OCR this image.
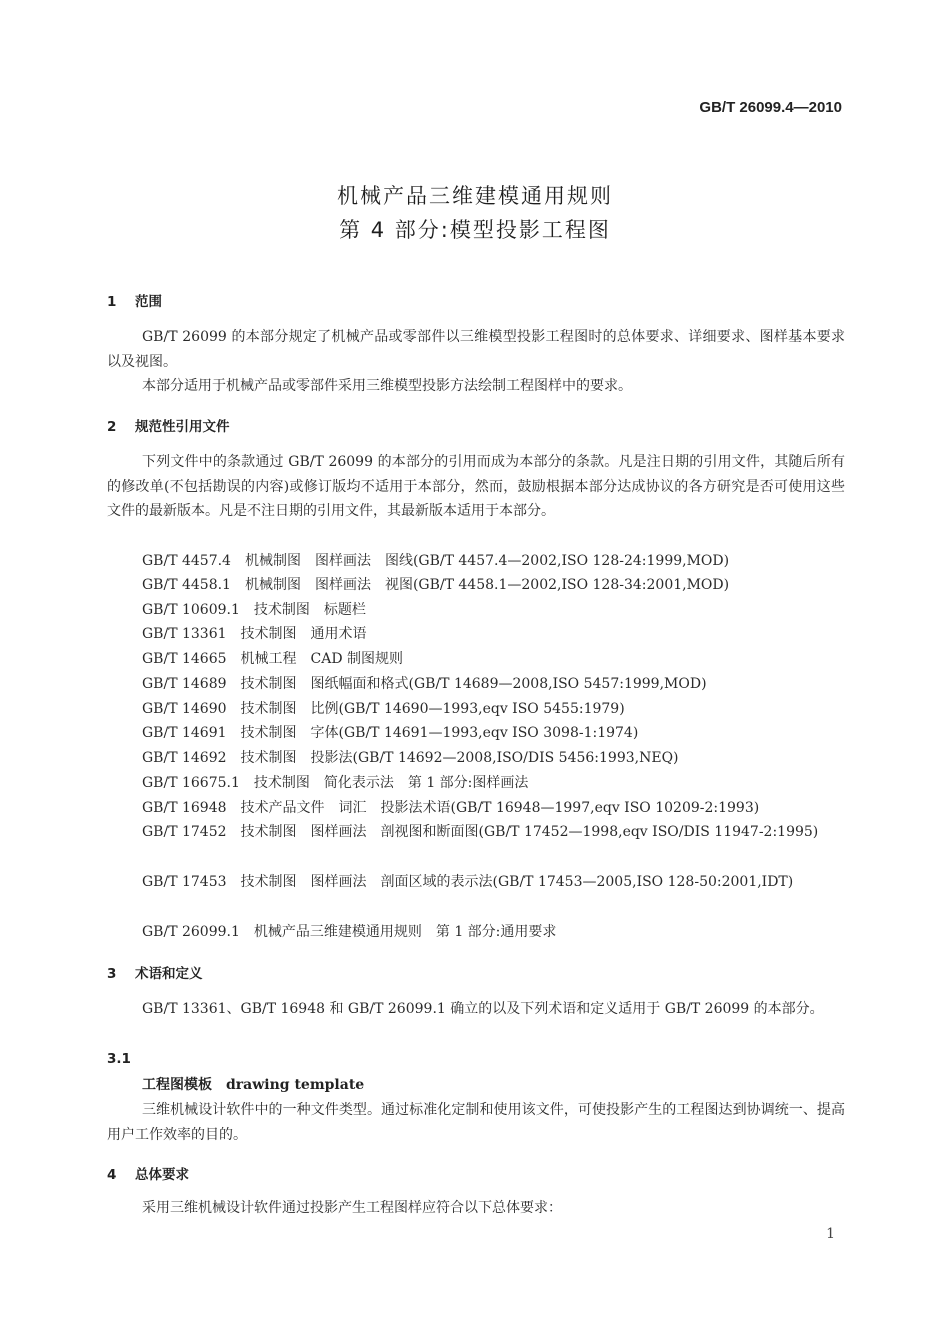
GB/T 26099.4—2010
机械产品三维建模通用规则
第 4 部分:模型投影工程图
1 范围
GB/T 26099 的本部分规定了机械产品或零部件以三维模型投影工程图时的总体要求、详细要求、图样基本要求以及视图。
本部分适用于机械产品或零部件采用三维模型投影方法绘制工程图样中的要求。
2 规范性引用文件
下列文件中的条款通过 GB/T 26099 的本部分的引用而成为本部分的条款。凡是注日期的引用文件，其随后所有的修改单(不包括勘误的内容)或修订版均不适用于本部分，然而，鼓励根据本部分达成协议的各方研究是否可使用这些文件的最新版本。凡是不注日期的引用文件，其最新版本适用于本部分。
GB/T 4457.4　机械制图　图样画法　图线(GB/T 4457.4—2002,ISO 128-24:1999,MOD)
GB/T 4458.1　机械制图　图样画法　视图(GB/T 4458.1—2002,ISO 128-34:2001,MOD)
GB/T 10609.1　技术制图　标题栏
GB/T 13361　技术制图　通用术语
GB/T 14665　机械工程　CAD 制图规则
GB/T 14689　技术制图　图纸幅面和格式(GB/T 14689—2008,ISO 5457:1999,MOD)
GB/T 14690　技术制图　比例(GB/T 14690—1993,eqv ISO 5455:1979)
GB/T 14691　技术制图　字体(GB/T 14691—1993,eqv ISO 3098-1:1974)
GB/T 14692　技术制图　投影法(GB/T 14692—2008,ISO/DIS 5456:1993,NEQ)
GB/T 16675.1　技术制图　简化表示法　第 1 部分:图样画法
GB/T 16948　技术产品文件　词汇　投影法术语(GB/T 16948—1997,eqv ISO 10209-2:1993)
GB/T 17452　技术制图　图样画法　剖视图和断面图(GB/T 17452—1998,eqv ISO/DIS 11947-2:1995)
GB/T 17453　技术制图　图样画法　剖面区域的表示法(GB/T 17453—2005,ISO 128-50:2001,IDT)
GB/T 26099.1　机械产品三维建模通用规则　第 1 部分:通用要求
3 术语和定义
GB/T 13361、GB/T 16948 和 GB/T 26099.1 确立的以及下列术语和定义适用于 GB/T 26099 的本部分。
3.1
工程图模板 drawing template
三维机械设计软件中的一种文件类型。通过标准化定制和使用该文件，可使投影产生的工程图达到协调统一、提高用户工作效率的目的。
4 总体要求
采用三维机械设计软件通过投影产生工程图样应符合以下总体要求：
1
